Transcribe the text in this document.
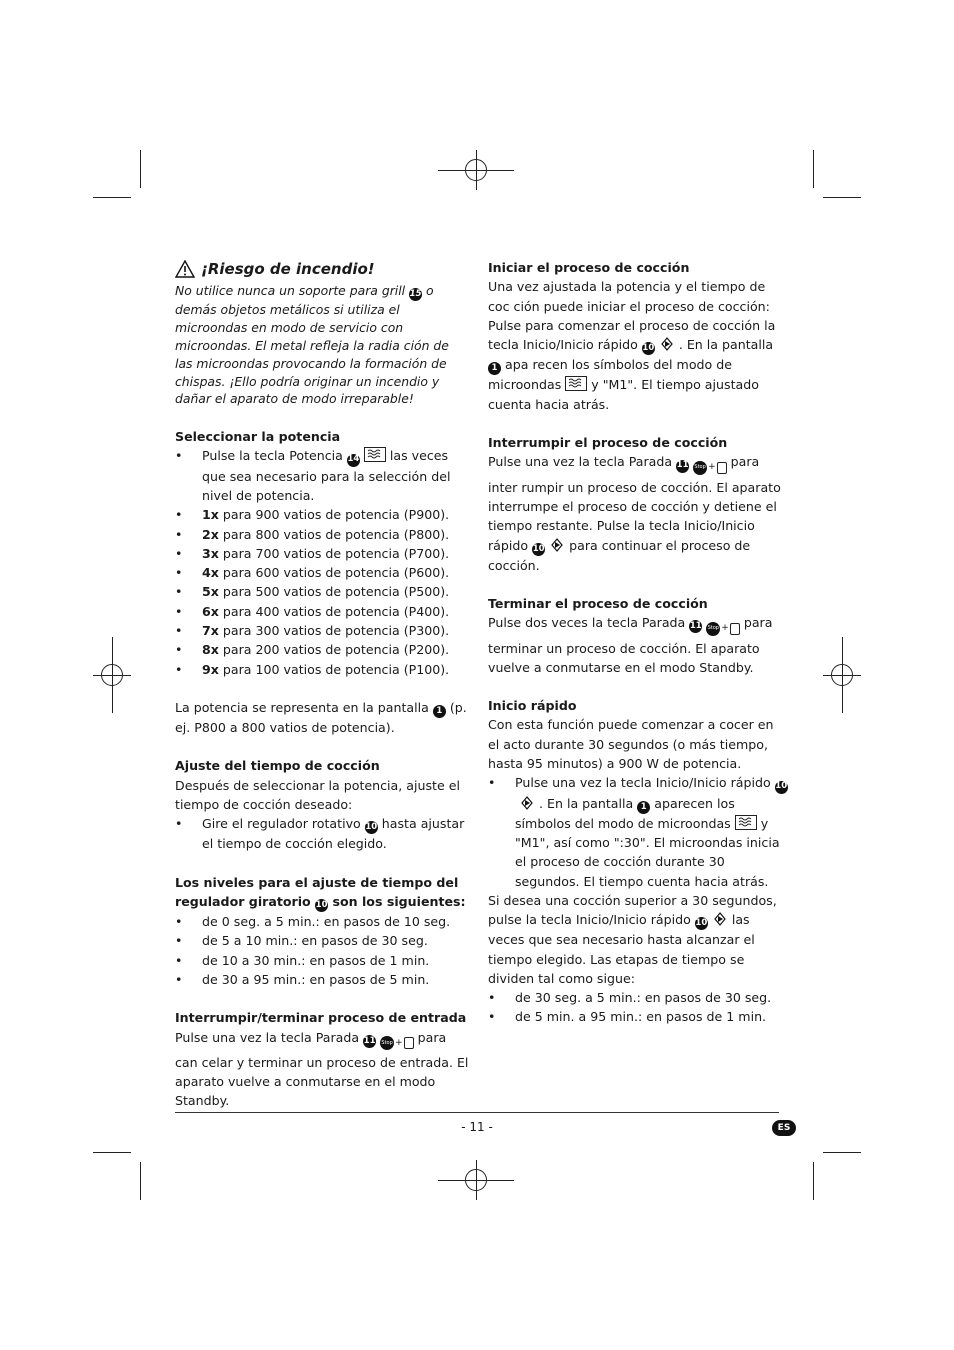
¡Riesgo de incendio!

No utilice nunca un soporte para grill 15 o demás objetos metálicos si utiliza el microondas en modo de servicio con microondas. El metal refleja la radia ción de las microondas provocando la formación de chispas. ¡Ello podría originar un incendio y dañar el aparato de modo irreparable!

Seleccionar la potencia
• Pulse la tecla Potencia 14 las veces que sea necesario para la selección del nivel de potencia.
• 1x para 900 vatios de potencia (P900).
• 2x para 800 vatios de potencia (P800).
• 3x para 700 vatios de potencia (P700).
• 4x para 600 vatios de potencia (P600).
• 5x para 500 vatios de potencia (P500).
• 6x para 400 vatios de potencia (P400).
• 7x para 300 vatios de potencia (P300).
• 8x para 200 vatios de potencia (P200).
• 9x para 100 vatios de potencia (P100).

La potencia se representa en la pantalla 1 (p. ej. P800 a 800 vatios de potencia).

Ajuste del tiempo de cocción

Después de seleccionar la potencia, ajuste el tiempo de cocción deseado:

• Gire el regulador rotativo 10 hasta ajustar el tiempo de cocción elegido.
Los niveles para el ajuste de tiempo del regulador giratorio 10 son los siguientes:
• de 0 seg. a 5 min.: en pasos de 10 seg.
• de 5 a 10 min.: en pasos de 30 seg.
• de 10 a 30 min.: en pasos de 1 min.
• de 30 a 95 min.: en pasos de 5 min.
Interrumpir/terminar proceso de entrada

Pulse una vez la tecla Parada 11 Stop + para can celar y terminar un proceso de entrada. El aparato vuelve a conmutarse en el modo Standby.

Iniciar el proceso de cocción

Una vez ajustada la potencia y el tiempo de coc ción puede iniciar el proceso de cocción:

Pulse para comenzar el proceso de cocción la tecla Inicio/Inicio rápido 10 . En la pantalla 1 apa recen los símbolos del modo de microondas y "M1". El tiempo ajustado cuenta hacia atrás.

Interrumpir el proceso de cocción

Pulse una vez la tecla Parada 11 Stop + para inter rumpir un proceso de cocción. El aparato interrumpe el proceso de cocción y detiene el tiempo restante. Pulse la tecla Inicio/Inicio rápido 10 para continuar el proceso de cocción.

Terminar el proceso de cocción

Pulse dos veces la tecla Parada 11 Stop + para terminar un proceso de cocción. El aparato vuelve a conmutarse en el modo Standby.

Inicio rápido

Con esta función puede comenzar a cocer en el acto durante 30 segundos (o más tiempo, hasta 95 minutos) a 900 W de potencia.

• Pulse una vez la tecla Inicio/Inicio rápido 10. En la pantalla 1 aparecen los símbolos del modo de microondas y "M1", así como ":30". El microondas inicia el proceso de cocción durante 30 segundos. El tiempo cuenta hacia atrás.

Si desea una cocción superior a 30 segundos, pulse la tecla Inicio/Inicio rápido 10 las veces que sea necesario hasta alcanzar el tiempo elegido. Las etapas de tiempo se dividen tal como sigue:

• de 30 seg. a 5 min.: en pasos de 30 seg.
• de 5 min. a 95 min.: en pasos de 1 min.
- 11 -	ES
